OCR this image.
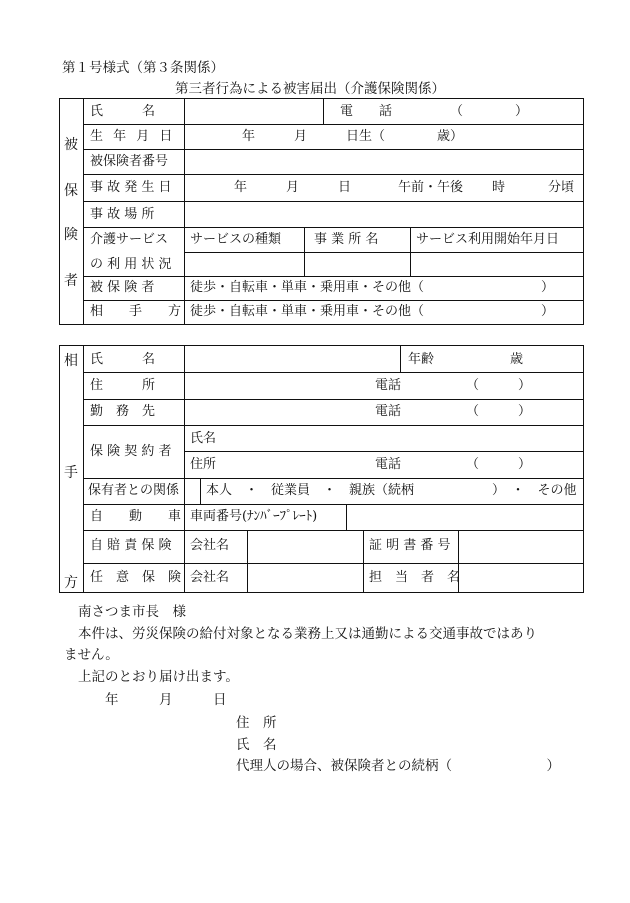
第１号様式（第３条関係）
第三者行為による被害届出（介護保険関係）
被
保
険
者
氏　　　名	電　　話	（　　　　）
生 年 月 日	年　　　月　　　日生（　　　　歳）
被保険者番号
事 故 発 生 日	年　　　月　　　日	午前・午後 時	分頃
事 故 場 所
介護サービス
の 利 用 状 況
サービスの種類	事 業 所 名	サービス利用開始年月日
被 保 険 者	徒歩・自転車・単車・乗用車・その他（　　　　　　　　　）
相　　手　　方 徒歩・自転車・単車・乗用車・その他（　　　　　　　　　）
相
手
方
氏　　　名	年齢	歳
住　　　所	電話	（　　　）
勤　務　先	電話	（　　　）
保 険 契 約 者
氏名
住所	電話	（　　　）
保有者との関係 本人　・　従業員　・　親族（続柄　　　　　　）　・　その他
自　　動　　車 車両番号(ﾅﾝﾊﾞｰﾌﾟﾚｰﾄ)
自 賠 責 保 険 会社名	証 明 書 番 号
任　意　保　険 会社名	担　当　者　名
南さつま市長　様
本件は、労災保険の給付対象となる業務上又は通勤による交通事故ではあり
ません。
上記のとおり届け出ます。
年　　　月　　　日
住　所
氏　名
代理人の場合、被保険者との続柄（　　　　　　　）
